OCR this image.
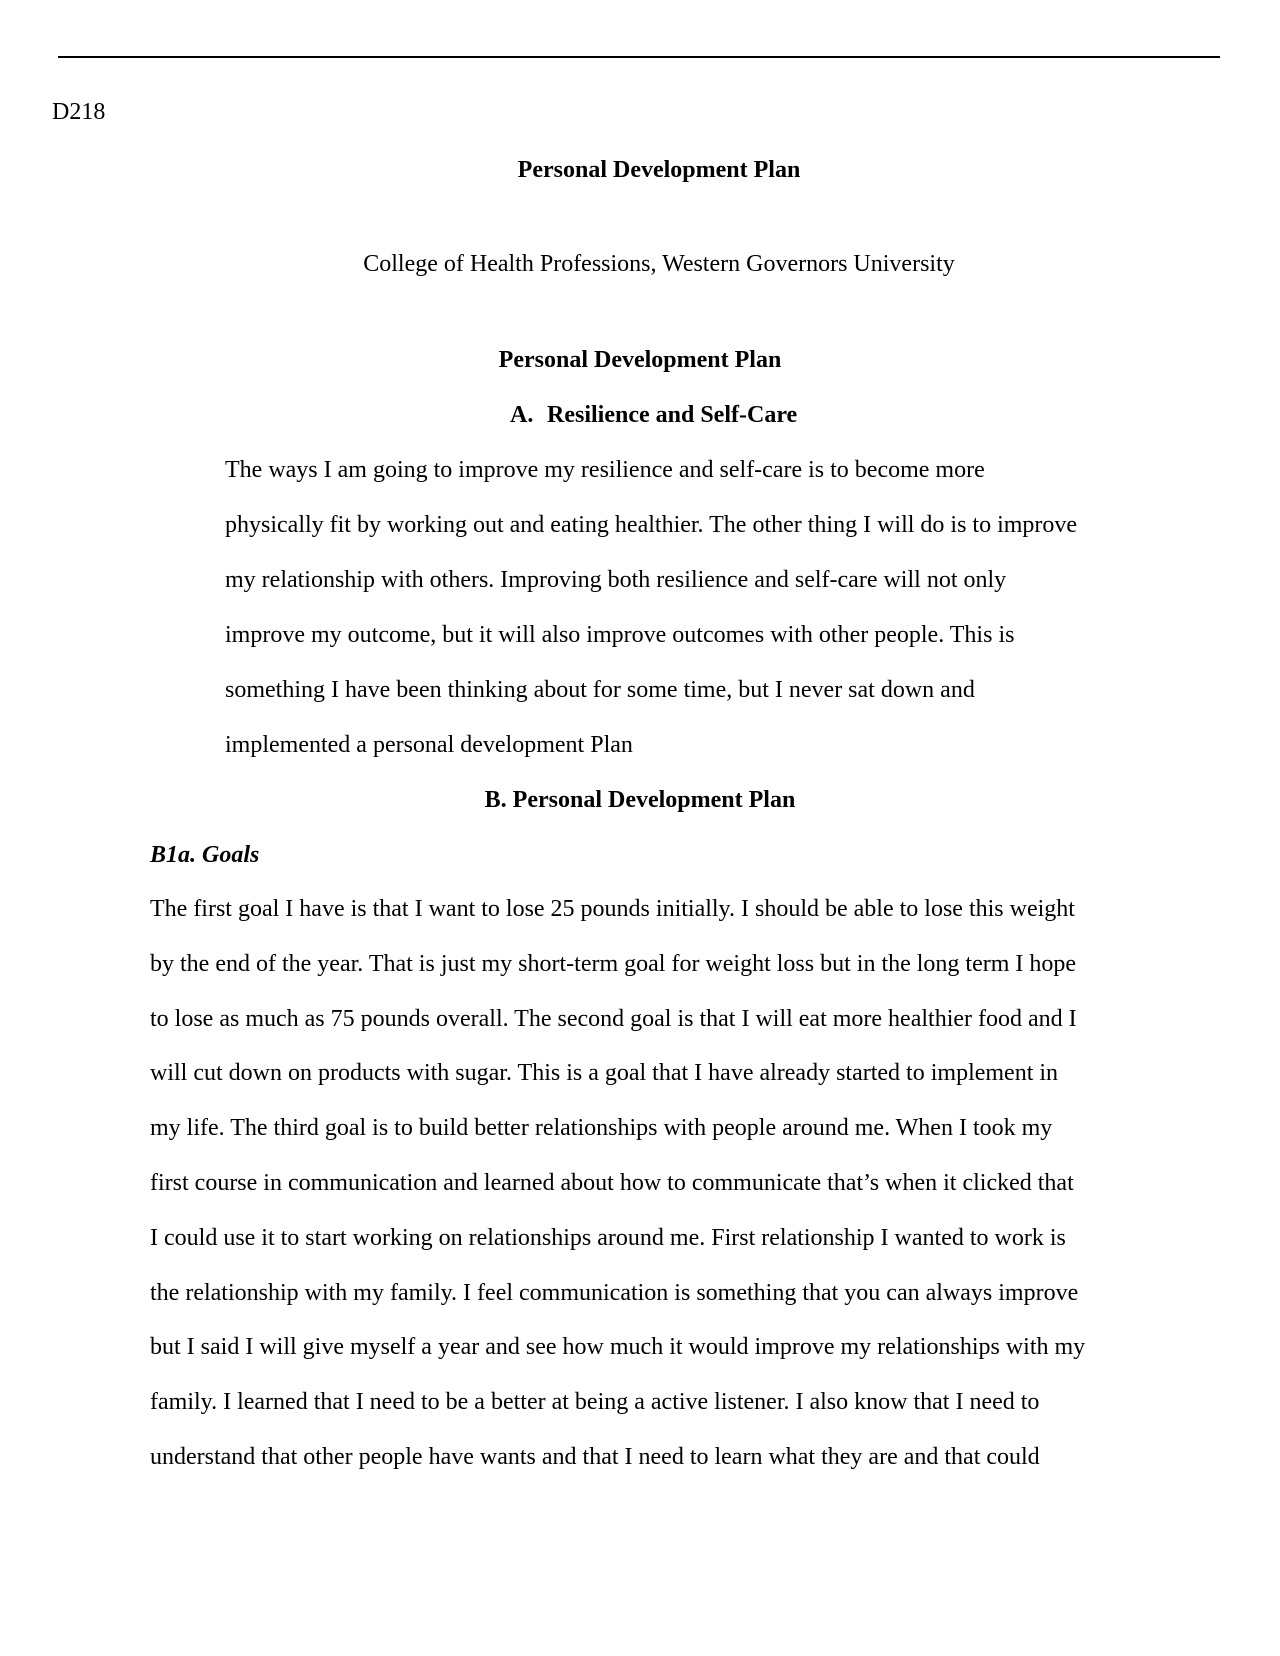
D218

Personal Development Plan

College of Health Professions, Western Governors University

Personal Development Plan
A. Resilience and Self-Care
The ways I am going to improve my resilience and self-care is to become more
physically fit by working out and eating healthier. The other thing I will do is to improve
my relationship with others. Improving both resilience and self-care will not only
improve my outcome, but it will also improve outcomes with other people. This is
something I have been thinking about for some time, but I never sat down and
implemented a personal development Plan
B. Personal Development Plan
B1a. Goals
The first goal I have is that I want to lose 25 pounds initially. I should be able to lose this weight
by the end of the year. That is just my short-term goal for weight loss but in the long term I hope
to lose as much as 75 pounds overall. The second goal is that I will eat more healthier food and I
will cut down on products with sugar. This is a goal that I have already started to implement in
my life. The third goal is to build better relationships with people around me. When I took my
first course in communication and learned about how to communicate that’s when it clicked that
I could use it to start working on relationships around me. First relationship I wanted to work is
the relationship with my family. I feel communication is something that you can always improve
but I said I will give myself a year and see how much it would improve my relationships with my
family. I learned that I need to be a better at being a active listener. I also know that I need to
understand that other people have wants and that I need to learn what they are and that could
